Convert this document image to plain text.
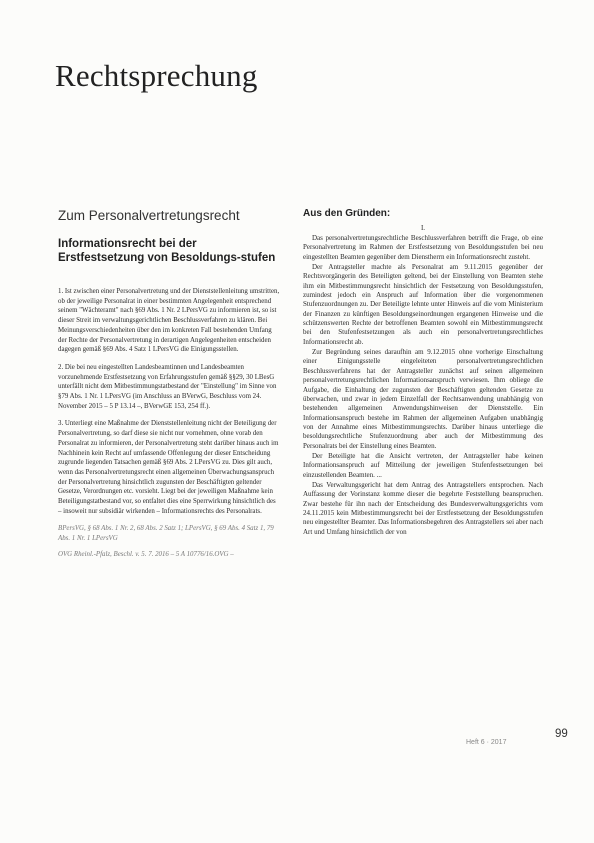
Rechtsprechung
Zum Personalvertretungsrecht
Informationsrecht bei der Erstfestsetzung von Besoldungs-stufen

1. Ist zwischen einer Personalvertretung und der Dienststellenleitung umstritten, ob der jeweilige Personalrat in einer bestimmten Angelegenheit entsprechend seinem "Wächteramt" nach §69 Abs. 1 Nr. 2 LPersVG zu informieren ist, so ist dieser Streit im verwaltungsgerichtlichen Beschlussverfahren zu klären. Bei Meinungsverschiedenheiten über den im konkreten Fall bestehenden Umfang der Rechte der Personalvertretung in derartigen Angelegenheiten entscheiden dagegen gemäß §69 Abs. 4 Satz 1 LPersVG die Einigungsstellen.

2. Die bei neu eingestellten Landesbeamtinnen und Landesbeamten vorzunehmende Erstfestsetzung von Erfahrungsstufen gemäß §§29, 30 LBesG unterfällt nicht dem Mitbestimmungstatbestand der "Einstellung" im Sinne von §79 Abs. 1 Nr. 1 LPersVG (im Anschluss an BVerwG, Beschluss vom 24. November 2015 – 5 P 13.14 –, BVerwGE 153, 254 ff.).

3. Unterliegt eine Maßnahme der Dienststellenleitung nicht der Beteiligung der Personalvertretung, so darf diese sie nicht nur vornehmen, ohne vorab den Personalrat zu informieren, der Personalvertretung steht darüber hinaus auch im Nachhinein kein Recht auf umfassende Offenlegung der dieser Entscheidung zugrunde liegenden Tatsachen gemäß §69 Abs. 2 LPersVG zu. Dies gilt auch, wenn das Personalvertretungsrecht einen allgemeinen Überwachungsanspruch der Personalvertretung hinsichtlich zugunsten der Beschäftigten geltender Gesetze, Verordnungen etc. vorsieht. Liegt bei der jeweiligen Maßnahme kein Beteiligungstatbestand vor, so entfaltet dies eine Sperrwirkung hinsichtlich des – insoweit nur subsidiär wirkenden – Informationsrechts des Personalrats.

BPersVG, § 68 Abs. 1 Nr. 2, 68 Abs. 2 Satz 1; LPersVG, § 69 Abs. 4 Satz 1, 79 Abs. 1 Nr. 1 LPersVG

OVG Rheinl.-Pfalz, Beschl. v. 5. 7. 2016 – 5 A 10776/16.OVG –

Aus den Gründen:

I.

Das personalvertretungsrechtliche Beschlussverfahren betrifft die Frage, ob eine Personalvertretung im Rahmen der Erstfestsetzung von Besoldungsstufen bei neu eingestellten Beamten gegenüber dem Dienstherrn ein Informationsrecht zusteht.

Der Antragsteller machte als Personalrat am 9.11.2015 gegenüber der Rechtsvorgängerin des Beteiligten geltend, bei der Einstellung von Beamten stehe ihm ein Mitbestimmungsrecht hinsichtlich der Festsetzung von Besoldungsstufen, zumindest jedoch ein Anspruch auf Information über die vorgenommenen Stufenzuordnungen zu. Der Beteiligte lehnte unter Hinweis auf die vom Ministerium der Finanzen zu künftigen Besoldungseinordnungen ergangenen Hinweise und die schützenswerten Rechte der betroffenen Beamten sowohl ein Mitbestimmungsrecht bei den Stufenfestsetzungen als auch ein personalvertretungsrechtliches Informationsrecht ab.

Zur Begründung seines daraufhin am 9.12.2015 ohne vorherige Einschaltung einer Einigungsstelle eingeleiteten personalvertretungsrechtlichen Beschlussverfahrens hat der Antragsteller zunächst auf seinen allgemeinen personalvertretungsrechtlichen Informationsanspruch verwiesen. Ihm obliege die Aufgabe, die Einhaltung der zugunsten der Beschäftigten geltenden Gesetze zu überwachen, und zwar in jedem Einzelfall der Rechtsanwendung unabhängig von bestehenden allgemeinen Anwendungshinweisen der Dienststelle. Ein Informationsanspruch bestehe im Rahmen der allgemeinen Aufgaben unabhängig von der Annahme eines Mitbestimmungsrechts. Darüber hinaus unterliege die besoldungsrechtliche Stufenzuordnung aber auch der Mitbestimmung des Personalrats bei der Einstellung eines Beamten.

Der Beteiligte hat die Ansicht vertreten, der Antragsteller habe keinen Informationsanspruch auf Mitteilung der jeweiligen Stufenfestsetzungen bei einzustellenden Beamten. ...

Das Verwaltungsgericht hat dem Antrag des Antragstellers entsprochen. Nach Auffassung der Vorinstanz komme dieser die begehrte Feststellung beanspruchen. Zwar bestehe für ihn nach der Entscheidung des Bundesverwaltungsgerichts vom 24.11.2015 kein Mitbestimmungsrecht bei der Erstfestsetzung der Besoldungsstufen neu eingestellter Beamter. Das Informationsbegehren des Antragstellers sei aber nach Art und Umfang hinsichtlich der von

Heft 6 · 2017
99
